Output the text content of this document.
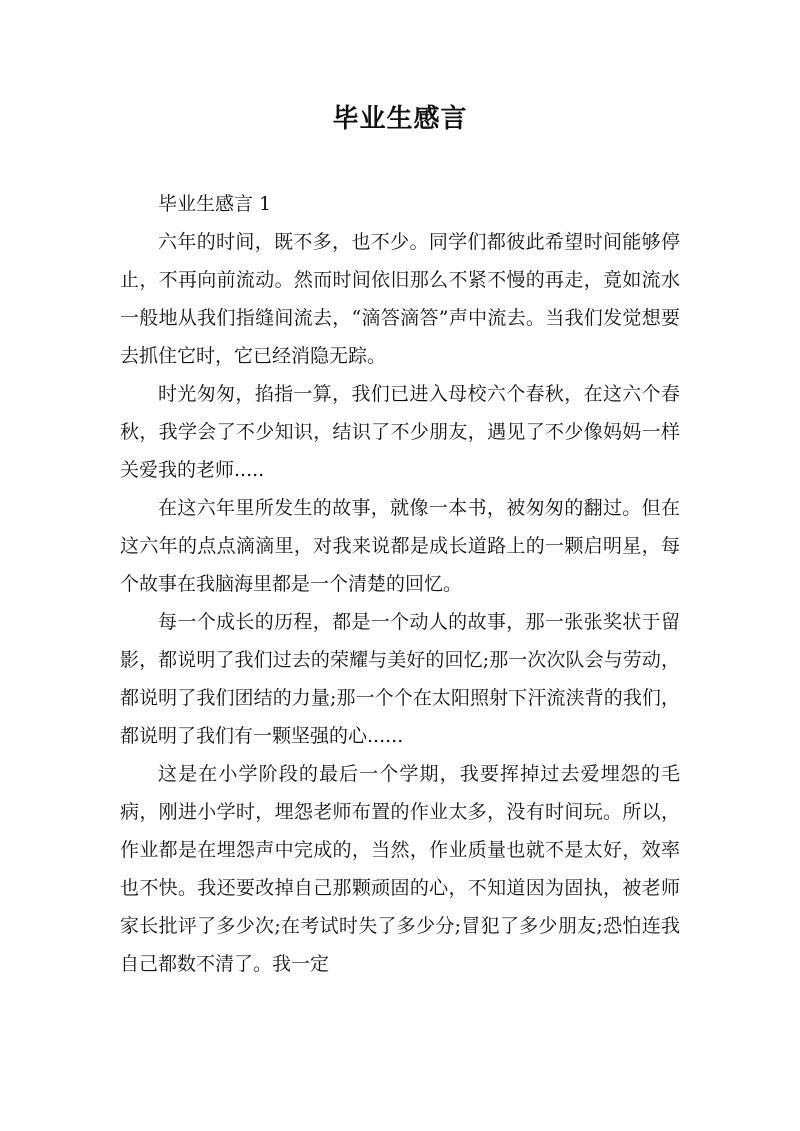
毕业生感言

毕业生感言 1

六年的时间，既不多，也不少。同学们都彼此希望时间能够停止，不再向前流动。然而时间依旧那么不紧不慢的再走，竟如流水一般地从我们指缝间流去，“滴答滴答”声中流去。当我们发觉想要去抓住它时，它已经消隐无踪。

时光匆匆，掐指一算，我们已进入母校六个春秋，在这六个春秋，我学会了不少知识，结识了不少朋友，遇见了不少像妈妈一样关爱我的老师.....

在这六年里所发生的故事，就像一本书，被匆匆的翻过。但在这六年的点点滴滴里，对我来说都是成长道路上的一颗启明星，每个故事在我脑海里都是一个清楚的回忆。

每一个成长的历程，都是一个动人的故事，那一张张奖状于留影，都说明了我们过去的荣耀与美好的回忆;那一次次队会与劳动，都说明了我们团结的力量;那一个个在太阳照射下汗流浃背的我们，都说明了我们有一颗坚强的心......

这是在小学阶段的最后一个学期，我要挥掉过去爱埋怨的毛病，刚进小学时，埋怨老师布置的作业太多，没有时间玩。所以，作业都是在埋怨声中完成的，当然，作业质量也就不是太好，效率也不快。我还要改掉自己那颗顽固的心，不知道因为固执，被老师家长批评了多少次;在考试时失了多少分;冒犯了多少朋友;恐怕连我自己都数不清了。我一定
